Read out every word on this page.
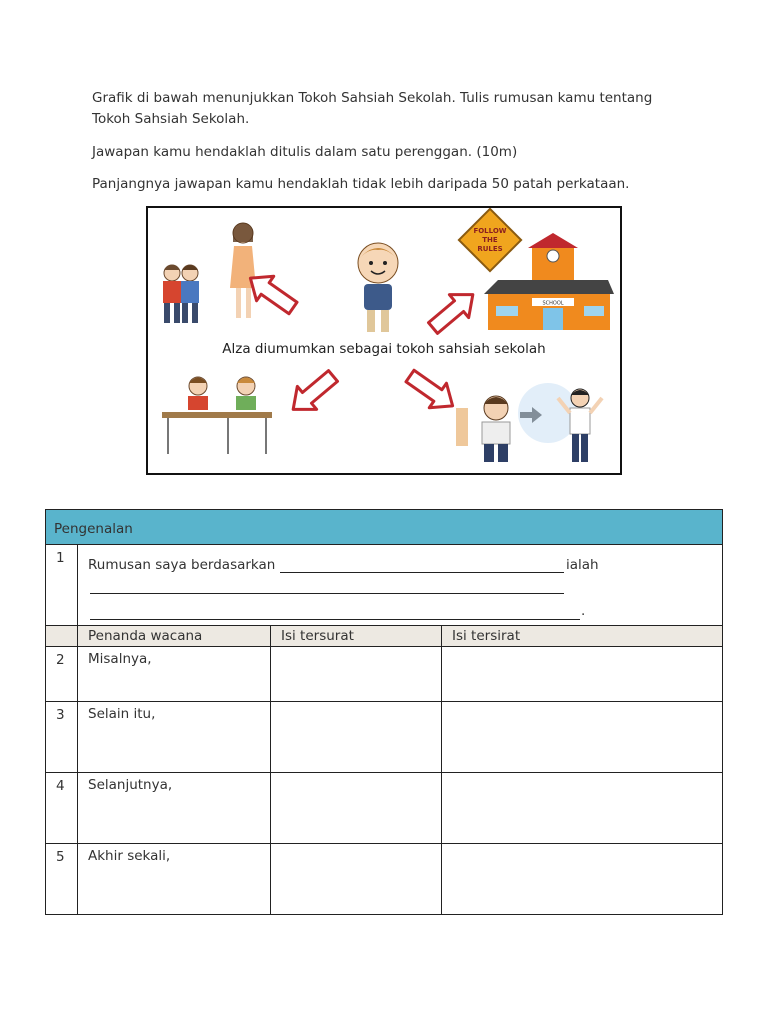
Grafik di bawah menunjukkan Tokoh Sahsiah Sekolah. Tulis rumusan kamu tentang Tokoh Sahsiah Sekolah.
Jawapan kamu hendaklah ditulis dalam satu perenggan. (10m)
Panjangnya jawapan kamu hendaklah tidak lebih daripada 50 patah perkataan.
FOLLOW
THE
RULES
SCHOOL
Alza diumumkan sebagai tokoh sahsiah sekolah
Pengenalan			

1	Rumusan saya berdasarkan ialah
.		

	Penanda wacana	Isi tersurat	Isi tersirat

2	Misalnya,		

3	Selain itu,		

4	Selanjutnya,		

5	Akhir sekali,		
